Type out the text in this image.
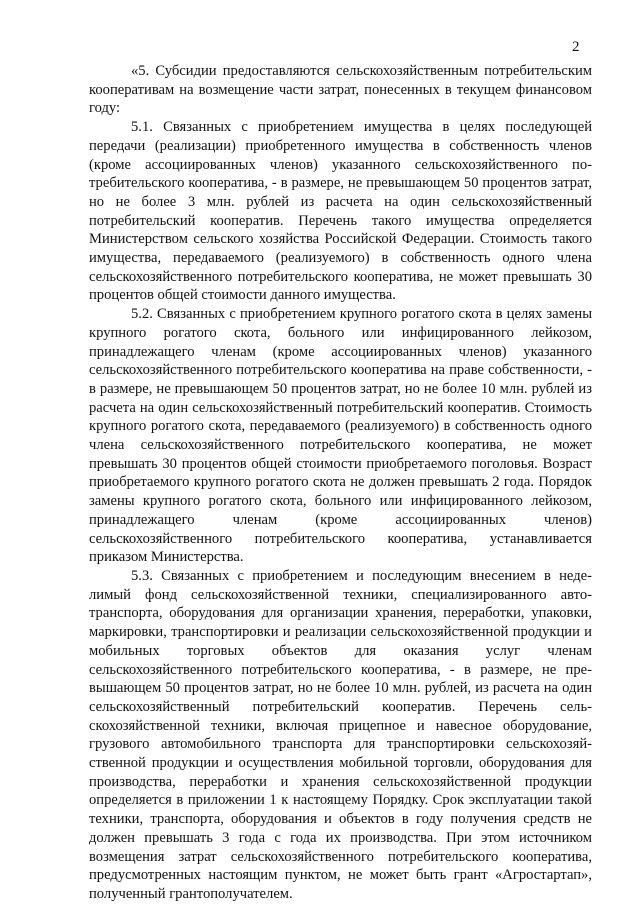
2

«5. Субсидии предоставляются сельскохозяйственным потребительским кооперативам на возмещение части затрат, понесенных в текущем финансовом году:

5.1. Связанных с приобретением имущества в целях последующей передачи (реализации) приобретенного имущества в собственность членов (кроме ассоциированных членов) указанного сельскохозяйственного потребительского кооператива, - в размере, не превышающем 50 процентов затрат, но не более 3 млн. рублей из расчета на один сельскохозяйственный потребительский кооператив. Перечень такого имущества определяется Министерством сельского хозяйства Российской Федерации. Стоимость такого имущества, передаваемого (реализуемого) в собственность одного члена сельскохозяйственного потребительского кооператива, не может превышать 30 процентов общей стоимости данного имущества.

5.2. Связанных с приобретением крупного рогатого скота в целях замены крупного рогатого скота, больного или инфицированного лейкозом, принадлежащего членам (кроме ассоциированных членов) указанного сельскохозяйственного потребительского кооператива на праве собственности, - в размере, не превышающем 50 процентов затрат, но не более 10 млн. рублей из расчета на один сельскохозяйственный потребительский кооператив. Стоимость крупного рогатого скота, передаваемого (реализуемого) в собственность одного члена сельскохозяйственного потребительского кооператива, не может превышать 30 процентов общей стоимости приобретаемого поголовья. Возраст приобретаемого крупного рогатого скота не должен превышать 2 года. Порядок замены крупного рогатого скота, больного или инфицированного лейкозом, принадлежащего членам (кроме ассоциированных членов) сельскохозяйственного потребительского кооператива, устанавливается приказом Министерства.

5.3. Связанных с приобретением и последующим внесением в неделимый фонд сельскохозяйственной техники, специализированного автотранспорта, оборудования для организации хранения, переработки, упаковки, маркировки, транспортировки и реализации сельскохозяйственной продукции и мобильных торговых объектов для оказания услуг членам сельскохозяйственного потребительского кооператива, - в размере, не превышающем 50 процентов затрат, но не более 10 млн. рублей, из расчета на один сельскохозяйственный потребительский кооператив. Перечень сельскохозяйственной техники, включая прицепное и навесное оборудование, грузового автомобильного транспорта для транспортировки сельскохозяйственной продукции и осуществления мобильной торговли, оборудования для производства, переработки и хранения сельскохозяйственной продукции определяется в приложении 1 к настоящему Порядку. Срок эксплуатации такой техники, транспорта, оборудования и объектов в году получения средств не должен превышать 3 года с года их производства. При этом источником возмещения затрат сельскохозяйственного потребительского кооператива, предусмотренных настоящим пунктом, не может быть грант «Агростартап», полученный грантополучателем.
